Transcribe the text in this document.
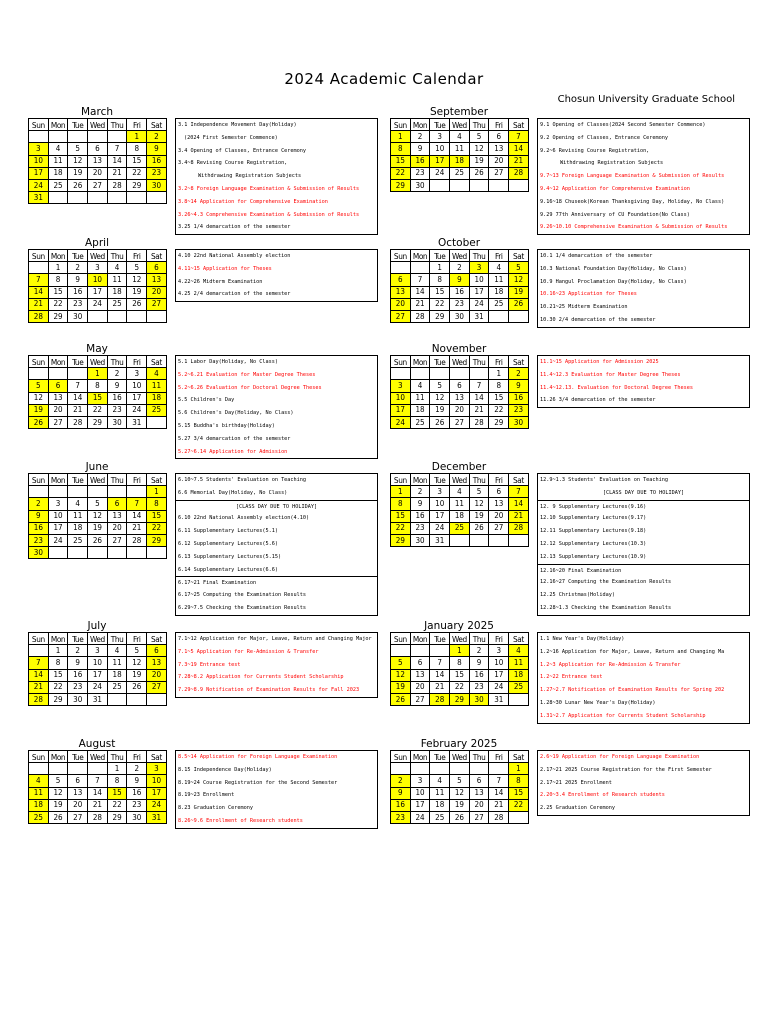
2024 Academic Calendar
Chosun University Graduate School
March
Sun	Mon	Tue	Wed	Thu	Fri	Sat
					1	2
3	4	5	6	7	8	9
10	11	12	13	14	15	16
17	18	19	20	21	22	23
24	25	26	27	28	29	30
31						
3.1 Independence Movement Day(Holiday)
(2024 First Semester Commence)
3.4 Opening of Classes, Entrance Ceremony
3.4~8 Revising Course Registration,
Withdrawing Registration Subjects
3.2~8 Foreign Language Examination & Submission of Results
3.8~14 Application for Comprehensive Examination
3.26~4.3 Comprehensive Examination & Submission of Results
3.25 1/4 demarcation of the semester
September
Sun	Mon	Tue	Wed	Thu	Fri	Sat
1	2	3	4	5	6	7
8	9	10	11	12	13	14
15	16	17	18	19	20	21
22	23	24	25	26	27	28
29	30					
9.1 Opening of Classes(2024 Second Semester Commence)
9.2 Opening of Classes, Entrance Ceremony
9.2~6 Revising Course Registration,
Withdrawing Registration Subjects
9.7~13 Foreign Language Examination & Submission of Results
9.4~12 Application for Comprehensive Examination
9.16~18 Chuseok(Korean Thanksgiving Day, Holiday, No Class)
9.29 77th Anniversary of CU Foundation(No Class)
9.26~10.10 Comprehensive Examination & Submission of Results
April
Sun	Mon	Tue	Wed	Thu	Fri	Sat
	1	2	3	4	5	6
7	8	9	10	11	12	13
14	15	16	17	18	19	20
21	22	23	24	25	26	27
28	29	30				
4.10 22nd National Assembly election
4.11~15 Application for Theses
4.22~26 Midterm Examination
4.25 2/4 demarcation of the semester
October
Sun	Mon	Tue	Wed	Thu	Fri	Sat
		1	2	3	4	5
6	7	8	9	10	11	12
13	14	15	16	17	18	19
20	21	22	23	24	25	26
27	28	29	30	31		
10.1 1/4 demarcation of the semester
10.3 National Foundation Day(Holiday, No Class)
10.9 Hangul Proclamation Day(Holiday, No Class)
10.16~23 Application for Theses
10.21~25 Midterm Examination
10.30 2/4 demarcation of the semester
May
Sun	Mon	Tue	Wed	Thu	Fri	Sat
			1	2	3	4
5	6	7	8	9	10	11
12	13	14	15	16	17	18
19	20	21	22	23	24	25
26	27	28	29	30	31	
5.1 Labor Day(Holiday, No Class)
5.2~6.21 Evaluation for Master Degree Theses
5.2~6.26 Evaluation for Doctoral Degree Theses
5.5 Children's Day
5.6 Children's Day(Holiday, No Class)
5.15 Buddha's birthday(Holiday)
5.27 3/4 demarcation of the semester
5.27~6.14 Application for Admission
November
Sun	Mon	Tue	Wed	Thu	Fri	Sat
					1	2
3	4	5	6	7	8	9
10	11	12	13	14	15	16
17	18	19	20	21	22	23
24	25	26	27	28	29	30
11.1~15 Application for Admission 2025
11.4~12.3 Evaluation for Master Degree Theses
11.4~12.13. Evaluation for Doctoral Degree Theses
11.26 3/4 demarcation of the semester
June
Sun	Mon	Tue	Wed	Thu	Fri	Sat
						1
2	3	4	5	6	7	8
9	10	11	12	13	14	15
16	17	18	19	20	21	22
23	24	25	26	27	28	29
30						
6.10~7.5 Students' Evaluation on Teaching
6.6 Memorial Day(Holiday, No Class)
[CLASS DAY DUE TO HOLIDAY]
6.10 22nd National Assembly election(4.10)
6.11 Supplementary Lectures(5.1)
6.12 Supplementary Lectures(5.6)
6.13 Supplementary Lectures(5.15)
6.14 Supplementary Lectures(6.6)
6.17~21 Final Examination
6.17~25 Computing the Examination Results
6.29~7.5 Checking the Examination Results
December
Sun	Mon	Tue	Wed	Thu	Fri	Sat
1	2	3	4	5	6	7
8	9	10	11	12	13	14
15	16	17	18	19	20	21
22	23	24	25	26	27	28
29	30	31				
12.9~1.3 Students' Evaluation on Teaching
[CLASS DAY DUE TO HOLIDAY]
12. 9 Supplementary Lectures(9.16)
12.10 Supplementary Lectures(9.17)
12.11 Supplementary Lectures(9.18)
12.12 Supplementary Lectures(10.3)
12.13 Supplementary Lectures(10.9)
12.16~20 Final Examination
12.16~27 Computing the Examination Results
12.25 Christmas(Holiday)
12.28~1.3 Checking the Examination Results
July
Sun	Mon	Tue	Wed	Thu	Fri	Sat
	1	2	3	4	5	6
7	8	9	10	11	12	13
14	15	16	17	18	19	20
21	22	23	24	25	26	27
28	29	30	31			
7.1~12 Application for Major, Leave, Return and Changing Major
7.1~5 Application for Re-Admission & Transfer
7.3~19 Entrance test
7.28~8.2 Application for Currents Student Scholarship
7.29~8.9 Notification of Examination Results for Fall 2023
January 2025
Sun	Mon	Tue	Wed	Thu	Fri	Sat
			1	2	3	4
5	6	7	8	9	10	11
12	13	14	15	16	17	18
19	20	21	22	23	24	25
26	27	28	29	30	31	
1.1 New Year's Day(Holiday)
1.2~16 Application for Major, Leave, Return and Changing Ma
1.2~3 Application for Re-Admission & Transfer
1.2~22 Entrance test
1.27~2.7 Notification of Examination Results for Spring 202
1.28~30 Lunar New Year's Day(Holiday)
1.31~2.7 Application for Currents Student Scholarship
August
Sun	Mon	Tue	Wed	Thu	Fri	Sat
				1	2	3
4	5	6	7	8	9	10
11	12	13	14	15	16	17
18	19	20	21	22	23	24
25	26	27	28	29	30	31
8.5~14 Application for Foreign Language Examination
8.15 Independence Day(Holiday)
8.19~24 Course Registration for the Second Semester
8.19~23 Enrollment
8.23 Graduation Ceremony
8.26~9.6 Enrollment of Research students
February 2025
Sun	Mon	Tue	Wed	Thu	Fri	Sat
						1
2	3	4	5	6	7	8
9	10	11	12	13	14	15
16	17	18	19	20	21	22
23	24	25	26	27	28	
2.6~19 Application for Foreign Language Examination
2.17~21 2025 Course Registration for the First Semester
2.17~21 2025 Enrollment
2.20~3.4 Enrollment of Research students
2.25 Graduation Ceremony
